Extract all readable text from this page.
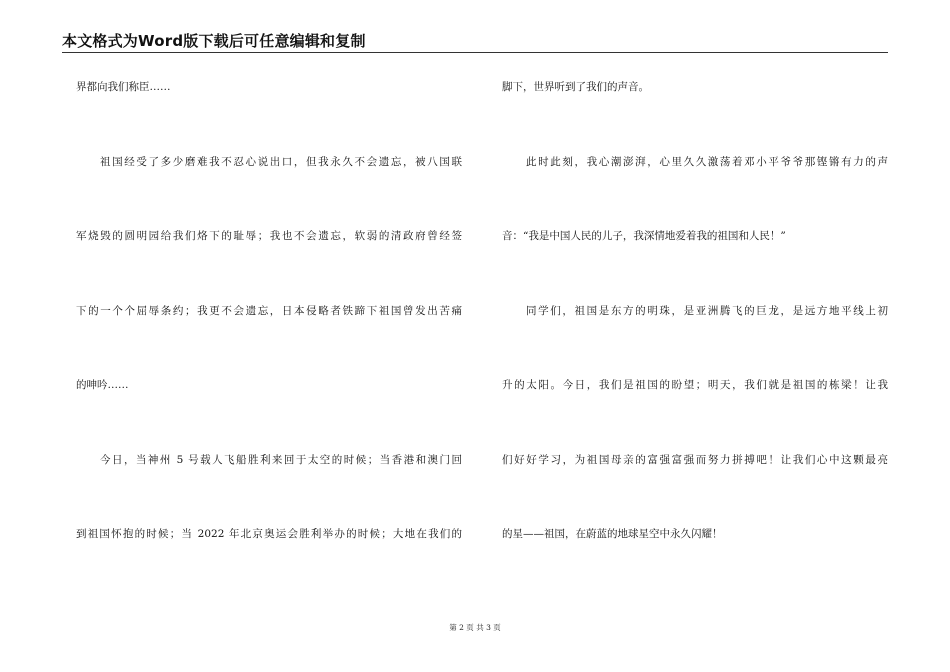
本文格式为Word版下载后可任意编辑和复制
界都向我们称臣……
祖国经受了多少磨难我不忍心说出口，但我永久不会遗忘，被八国联
军烧毁的圆明园给我们烙下的耻辱；我也不会遗忘，软弱的清政府曾经签
下的一个个屈辱条约；我更不会遗忘，日本侵略者铁蹄下祖国曾发出苦痛
的呻吟……
今日，当神州 5 号载人飞船胜利来回于太空的时候；当香港和澳门回
到祖国怀抱的时候；当 2022 年北京奥运会胜利举办的时候；大地在我们的
脚下，世界听到了我们的声音。
此时此刻，我心潮澎湃，心里久久激荡着邓小平爷爷那铿锵有力的声
音：“我是中国人民的儿子，我深情地爱着我的祖国和人民！”
同学们，祖国是东方的明珠，是亚洲腾飞的巨龙，是远方地平线上初
升的太阳。今日，我们是祖国的盼望；明天，我们就是祖国的栋梁！让我
们好好学习，为祖国母亲的富强富强而努力拼搏吧！让我们心中这颗最亮
的星——祖国，在蔚蓝的地球星空中永久闪耀！
第 2 页 共 3 页
